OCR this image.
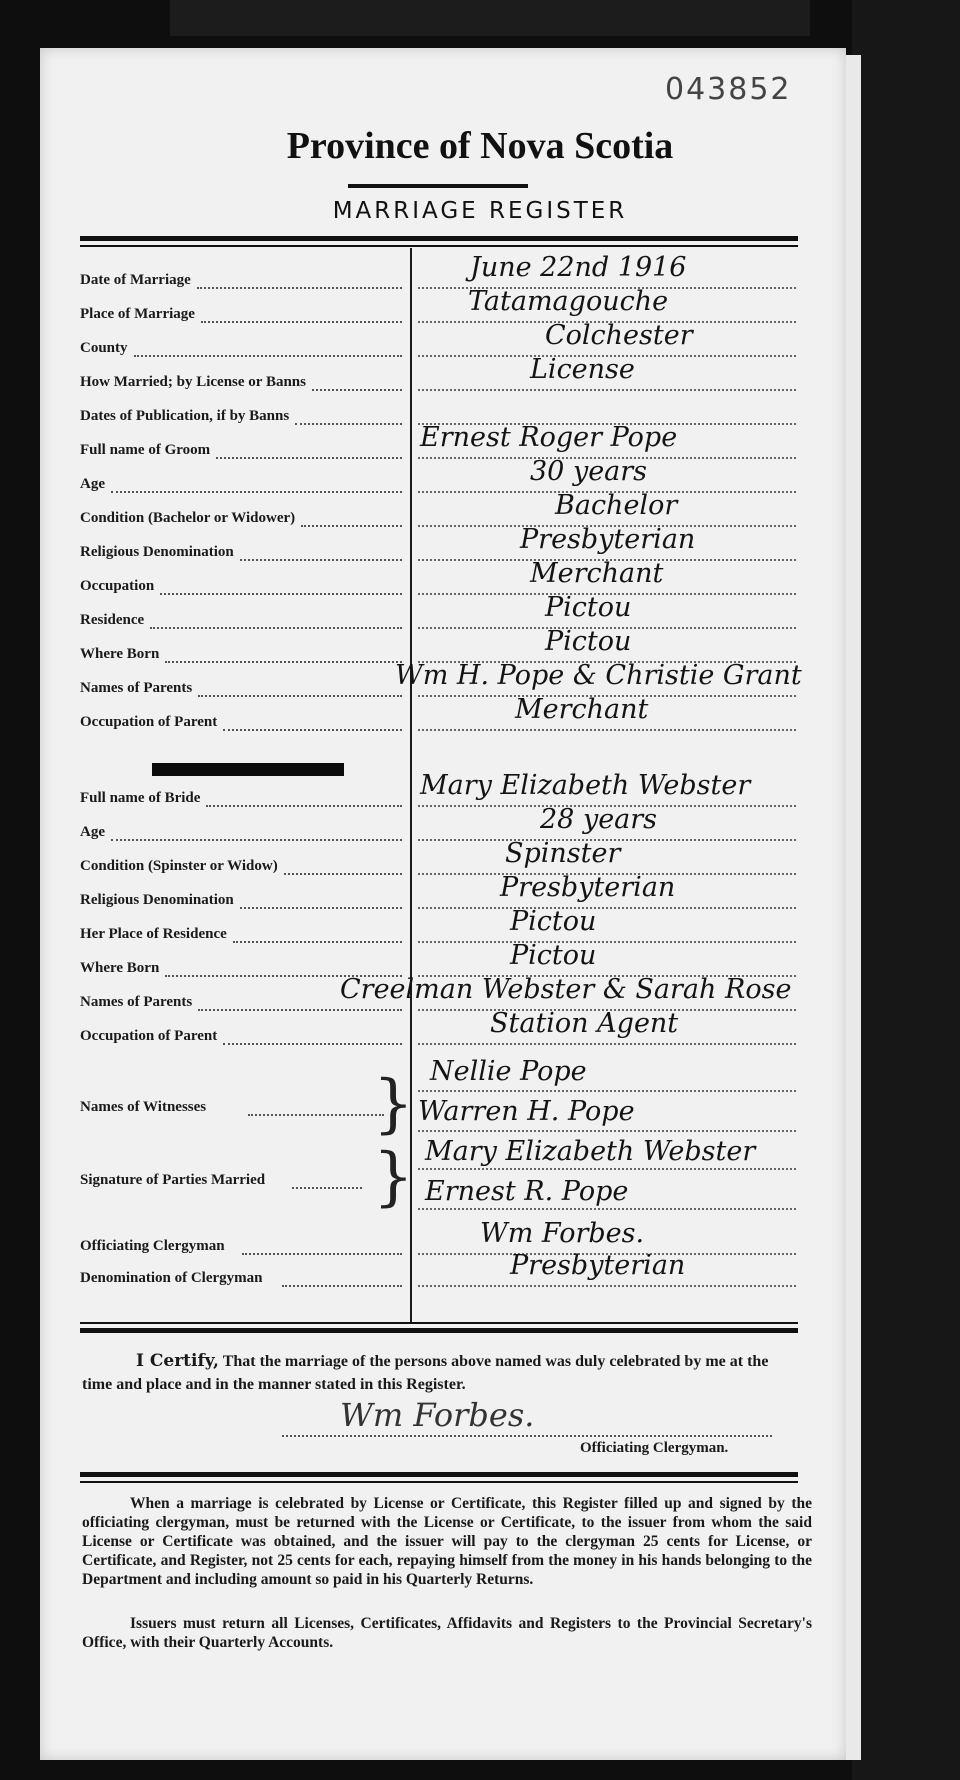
043852
Province of Nova Scotia
MARRIAGE REGISTER
Date of Marriage	June 22nd 1916
Place of Marriage	Tatamagouche
County	Colchester
How Married; by License or Banns	License
Dates of Publication, if by Banns
Full name of Groom	Ernest Roger Pope
Age	30 years
Condition (Bachelor or Widower)	Bachelor
Religious Denomination	Presbyterian
Occupation	Merchant
Residence	Pictou
Where Born	Pictou
Names of Parents	Wm H. Pope & Christie Grant
Occupation of Parent	Merchant
Full name of Bride	Mary Elizabeth Webster
Age	28 years
Condition (Spinster or Widow)	Spinster
Religious Denomination	Presbyterian
Her Place of Residence	Pictou
Where Born	Pictou
Names of Parents	Creelman Webster & Sarah Rose
Occupation of Parent	Station Agent
Names of Witnesses	} Nellie Pope
Warren H. Pope
Signature of Parties Married } Mary Elizabeth Webster
Ernest R. Pope
Officiating Clergyman	Wm Forbes.
Denomination of Clergyman	Presbyterian
I Certify, That the marriage of the persons above named was duly celebrated by me at the time and place and in the manner stated in this Register.
Wm Forbes.
Officiating Clergyman.
When a marriage is celebrated by License or Certificate, this Register filled up and signed by the officiating clergyman, must be returned with the License or Certificate, to the issuer from whom the said License or Certificate was obtained, and the issuer will pay to the clergyman 25 cents for License, or Certificate, and Register, not 25 cents for each, repaying himself from the money in his hands belonging to the Department and including amount so paid in his Quarterly Returns.
Issuers must return all Licenses, Certificates, Affidavits and Registers to the Provincial Secretary's Office, with their Quarterly Accounts.
